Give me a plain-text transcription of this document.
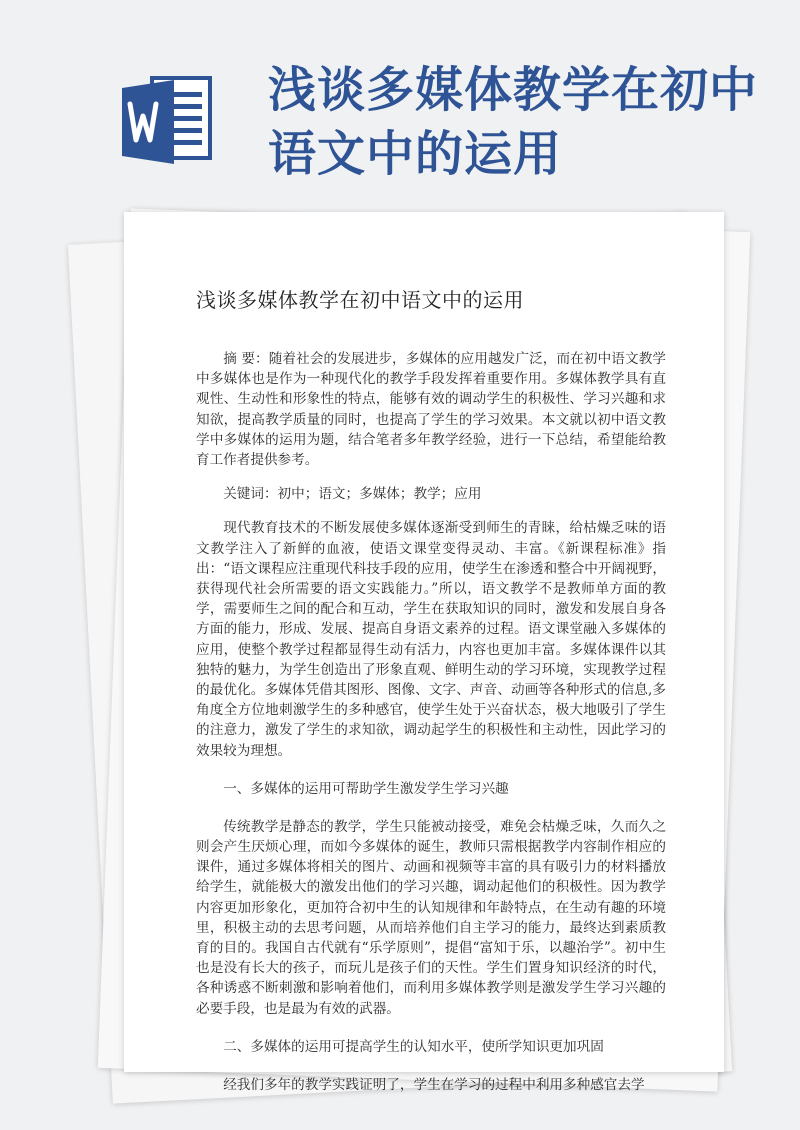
浅谈多媒体教学在初中语文中的运用
浅谈多媒体教学在初中语文中的运用

摘 要：随着社会的发展进步，多媒体的应用越发广泛，而在初中语文教学中多媒体也是作为一种现代化的教学手段发挥着重要作用。多媒体教学具有直观性、生动性和形象性的特点，能够有效的调动学生的积极性、学习兴趣和求知欲，提高教学质量的同时，也提高了学生的学习效果。本文就以初中语文教学中多媒体的运用为题，结合笔者多年教学经验，进行一下总结，希望能给教育工作者提供参考。

关键词：初中；语文；多媒体；教学；应用

现代教育技术的不断发展使多媒体逐渐受到师生的青睐，给枯燥乏味的语文教学注入了新鲜的血液，使语文课堂变得灵动、丰富。《新课程标准》指出：“语文课程应注重现代科技手段的应用，使学生在渗透和整合中开阔视野，获得现代社会所需要的语文实践能力。”所以，语文教学不是教师单方面的教学，需要师生之间的配合和互动，学生在获取知识的同时，激发和发展自身各方面的能力，形成、发展、提高自身语文素养的过程。语文课堂融入多媒体的应用，使整个教学过程都显得生动有活力，内容也更加丰富。多媒体课件以其独特的魅力，为学生创造出了形象直观、鲜明生动的学习环境，实现教学过程的最优化。多媒体凭借其图形、图像、文字、声音、动画等各种形式的信息,多角度全方位地刺激学生的多种感官，使学生处于兴奋状态，极大地吸引了学生的注意力，激发了学生的求知欲，调动起学生的积极性和主动性，因此学习的效果较为理想。

一、多媒体的运用可帮助学生激发学生学习兴趣

传统教学是静态的教学，学生只能被动接受，难免会枯燥乏味，久而久之则会产生厌烦心理，而如今多媒体的诞生，教师只需根据教学内容制作相应的课件，通过多媒体将相关的图片、动画和视频等丰富的具有吸引力的材料播放给学生，就能极大的激发出他们的学习兴趣，调动起他们的积极性。因为教学内容更加形象化，更加符合初中生的认知规律和年龄特点，在生动有趣的环境里，积极主动的去思考问题，从而培养他们自主学习的能力，最终达到素质教育的目的。我国自古代就有“乐学原则”，提倡“富知于乐，以趣治学”。初中生也是没有长大的孩子，而玩儿是孩子们的天性。学生们置身知识经济的时代，各种诱惑不断刺激和影响着他们，而利用多媒体教学则是激发学生学习兴趣的必要手段，也是最为有效的武器。

二、多媒体的运用可提高学生的认知水平，使所学知识更加巩固

经我们多年的教学实践证明了，学生在学习的过程中利用多种感官去学
